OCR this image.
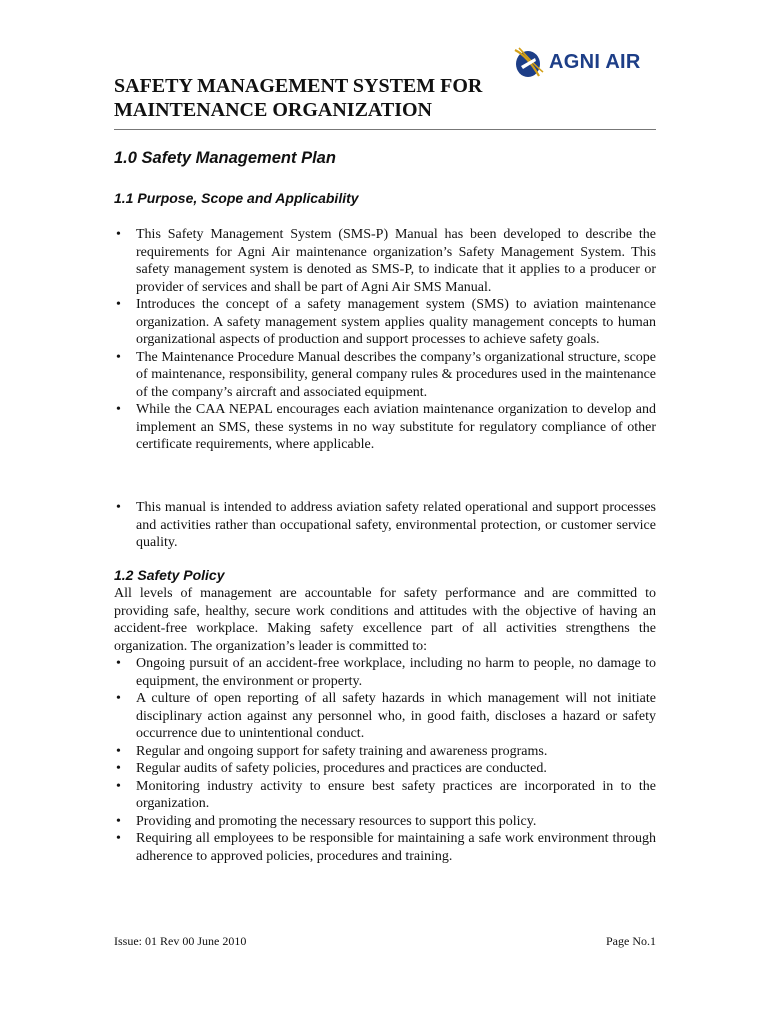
AGNI AIR
SAFETY MANAGEMENT SYSTEM FOR
MAINTENANCE ORGANIZATION
1.0 Safety Management Plan
1.1 Purpose, Scope and Applicability
• This Safety Management System (SMS-P) Manual has been developed to describe the requirements for Agni Air maintenance organization’s Safety Management System. This safety management system is denoted as SMS-P, to indicate that it applies to a producer or provider of services and shall be part of Agni Air SMS Manual.
• Introduces the concept of a safety management system (SMS) to aviation maintenance organization. A safety management system applies quality management concepts to human organizational aspects of production and support processes to achieve safety goals.
• The Maintenance Procedure Manual describes the company’s organizational structure, scope of maintenance, responsibility, general company rules & procedures used in the maintenance of the company’s aircraft and associated equipment.
• While the CAA NEPAL encourages each aviation maintenance organization to develop and implement an SMS, these systems in no way substitute for regulatory compliance of other certificate requirements, where applicable.
• This manual is intended to address aviation safety related operational and support processes and activities rather than occupational safety, environmental protection, or customer service quality.
1.2 Safety Policy
All levels of management are accountable for safety performance and are committed to providing safe, healthy, secure work conditions and attitudes with the objective of having an accident-free workplace. Making safety excellence part of all activities strengthens the organization. The organization’s leader is committed to:
• Ongoing pursuit of an accident-free workplace, including no harm to people, no damage to equipment, the environment or property.
• A culture of open reporting of all safety hazards in which management will not initiate disciplinary action against any personnel who, in good faith, discloses a hazard or safety occurrence due to unintentional conduct.
• Regular and ongoing support for safety training and awareness programs.
• Regular audits of safety policies, procedures and practices are conducted.
• Monitoring industry activity to ensure best safety practices are incorporated in to the organization.
• Providing and promoting the necessary resources to support this policy.
• Requiring all employees to be responsible for maintaining a safe work environment through adherence to approved policies, procedures and training.
Issue: 01 Rev 00 June 2010	Page No.1
